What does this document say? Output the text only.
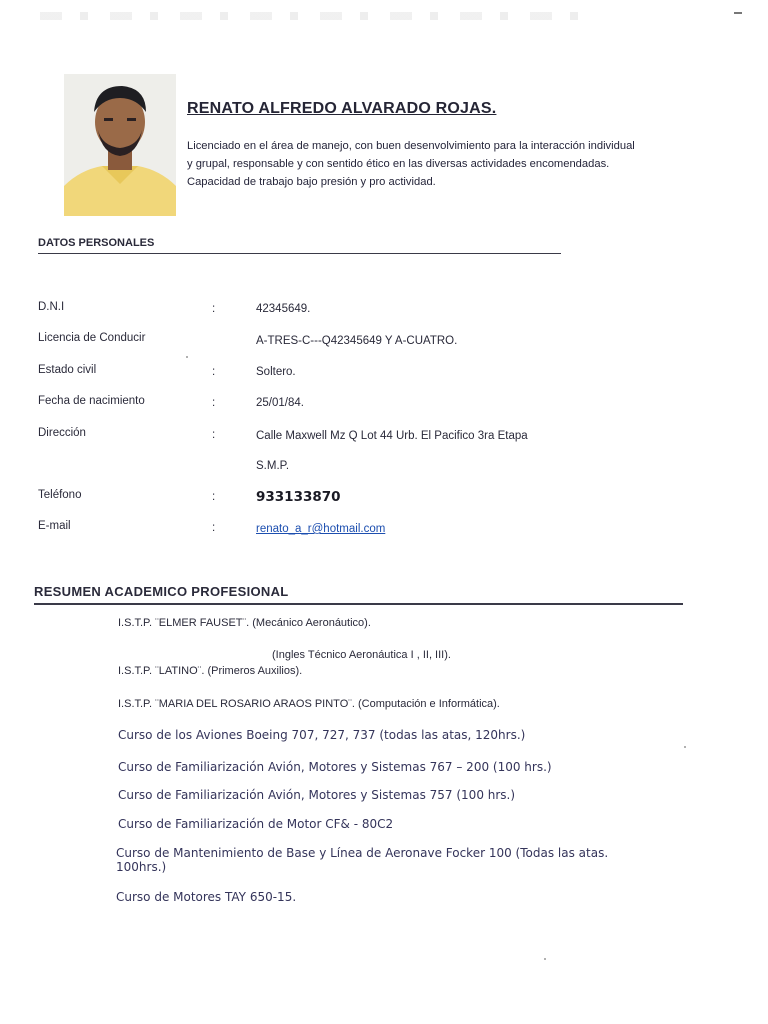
RENATO ALFREDO ALVARADO ROJAS.
Licenciado en el área de manejo, con buen desenvolvimiento para la interacción individual
y grupal, responsable y con sentido ético en las diversas actividades encomendadas.
Capacidad de trabajo bajo presión y pro actividad.
DATOS PERSONALES
D.N.I	:	42345649.
Licencia de Conducir	A-TRES-C---Q42345649 Y A-CUATRO.
Estado civil	:	Soltero.
Fecha de nacimiento	:	25/01/84.
Dirección	:	Calle Maxwell Mz Q Lot 44 Urb. El Pacifico 3ra Etapa
S.M.P.
Teléfono	:	933133870
E-mail	:	renato_a_r@hotmail.com
RESUMEN ACADEMICO PROFESIONAL
I.S.T.P. ¨ELMER FAUSET¨. (Mecánico Aeronáutico).
(Ingles Técnico Aeronáutica I , II, III).
I.S.T.P. ¨LATINO¨. (Primeros Auxilios).
I.S.T.P. ¨MARIA DEL ROSARIO ARAOS PINTO¨. (Computación e Informática).
Curso de los Aviones Boeing 707, 727, 737 (todas las atas, 120hrs.)
Curso de Familiarización Avión, Motores y Sistemas 767 – 200 (100 hrs.)
Curso de Familiarización Avión, Motores y Sistemas 757 (100 hrs.)
Curso de Familiarización de Motor CF& - 80C2
Curso de Mantenimiento de Base y Línea de Aeronave Focker 100 (Todas las atas.
100hrs.)
Curso de Motores TAY 650-15.
